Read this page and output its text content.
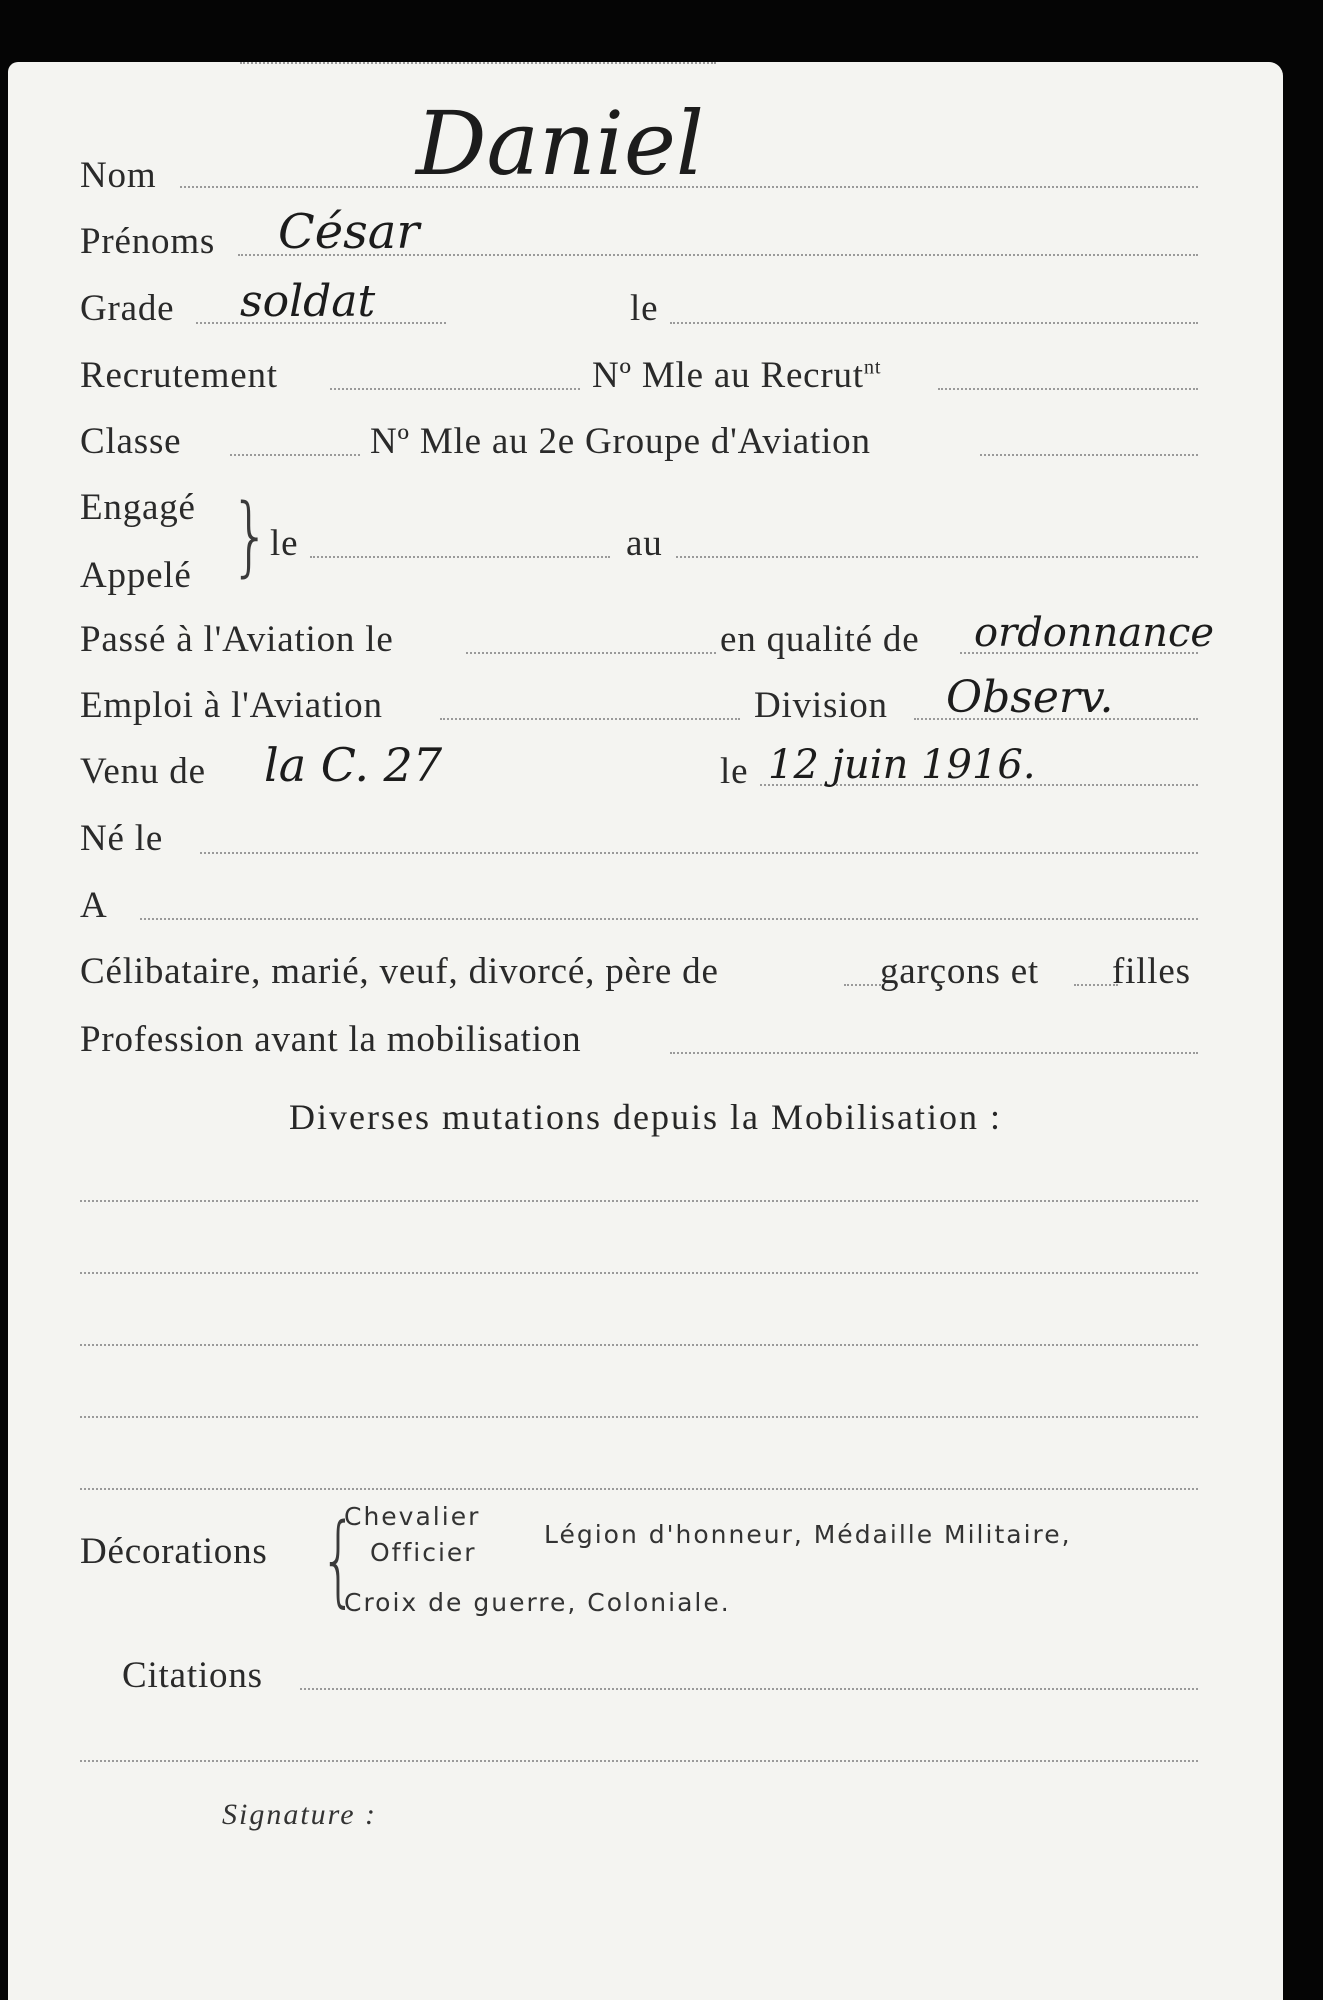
Nom	Daniel
Prénoms César
Grade soldat	le
Recrutement	Nº Mle au Recrut$^{nt}$
Classe	Nº Mle au 2e Groupe d'Aviation
Engagé
Appelé } le	au
Passé à l'Aviation le	en qualité de ordonnance
Emploi à l'Aviation	Division Observ.
Venu de la C. 27	le 12 juin 1916.
Né le
A
Célibataire, marié, veuf, divorcé, père de	garçons et filles
Profession avant la mobilisation
Diverses mutations depuis la Mobilisation :
Décorations {
Chevalier
Officier
Légion d'honneur, Médaille Militaire,
Croix de guerre, Coloniale.
Citations
Signature :
